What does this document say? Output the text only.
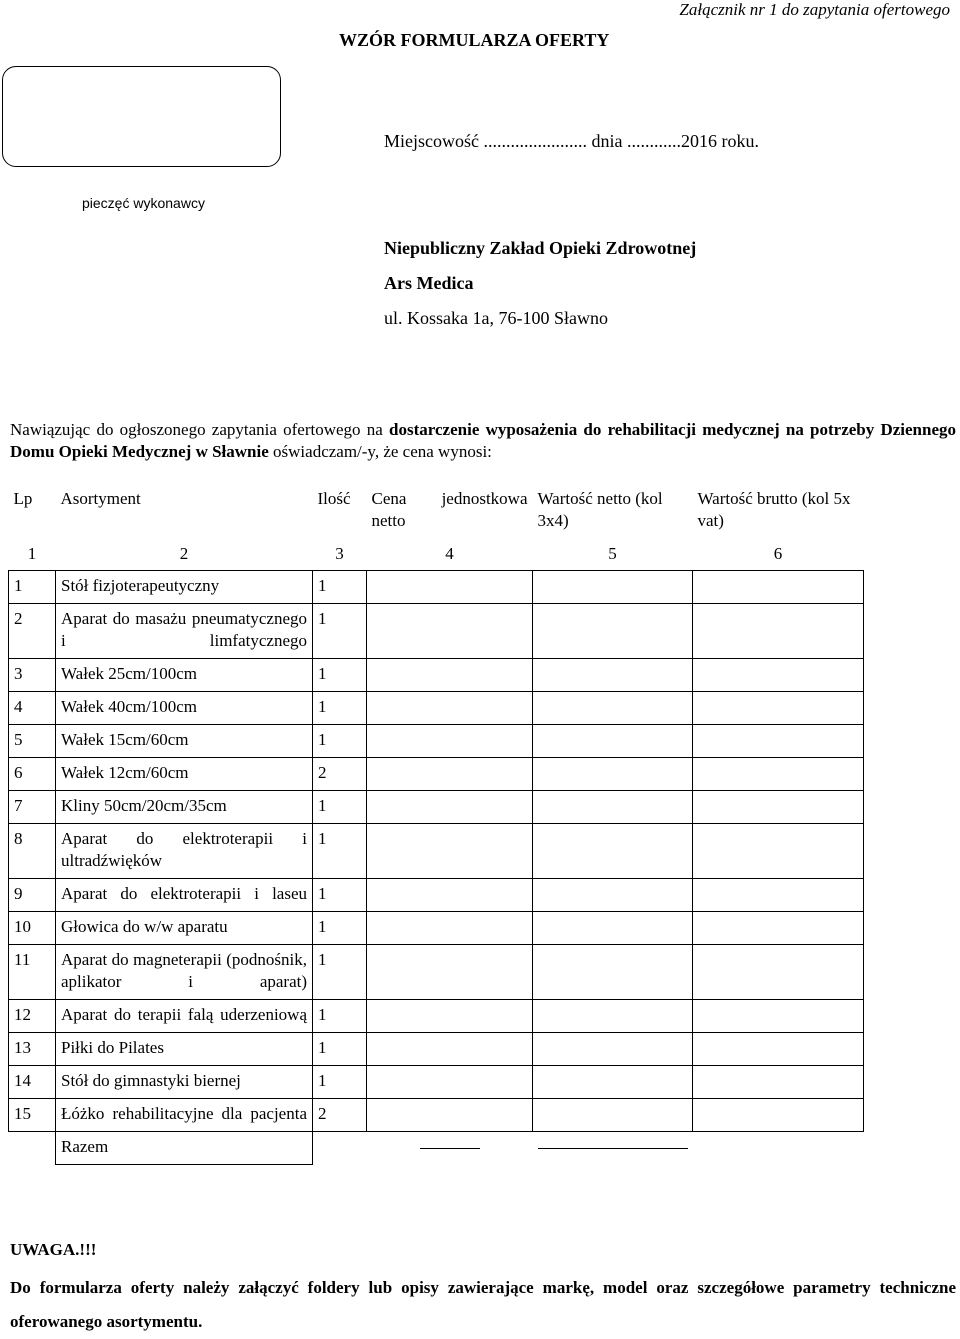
Załącznik nr 1 do zapytania ofertowego
WZÓR FORMULARZA OFERTY
Miejscowość ....................... dnia ............2016 roku.
pieczęć wykonawcy
Niepubliczny Zakład Opieki Zdrowotnej
Ars Medica
ul. Kossaka 1a, 76-100 Sławno
Nawiązując do ogłoszonego zapytania ofertowego na dostarczenie wyposażenia do rehabilitacji medycznej na potrzeby Dziennego Domu Opieki Medycznej w Sławnie oświadczam/-y, że cena wynosi:
Lp	Asortyment	Ilość	Cena jednostkowa netto	Wartość netto (kol 3x4)	Wartość brutto (kol 5x vat)
1	2	3	4	5	6
1	Stół fizjoterapeutyczny	1			
2	Aparat do masażu pneumatycznego i limfatycznego	1			
3	Wałek 25cm/100cm	1			
4	Wałek 40cm/100cm	1			
5	Wałek 15cm/60cm	1			
6	Wałek 12cm/60cm	2			
7	Kliny 50cm/20cm/35cm	1			
8	Aparat do elektroterapii i ultradźwięków	1			
9	Aparat do elektroterapii i laseu	1			
10	Głowica do w/w aparatu	1			
11	Aparat do magneterapii (podnośnik, aplikator i aparat)	1			
12	Aparat do terapii falą uderzeniową	1			
13	Piłki do Pilates	1			
14	Stół do gimnastyki biernej	1			
15	Łóżko rehabilitacyjne dla pacjenta	2			
	Razem				
UWAGA.!!!
Do formularza oferty należy załączyć foldery lub opisy zawierające markę, model oraz szczegółowe parametry techniczne oferowanego asortymentu.
